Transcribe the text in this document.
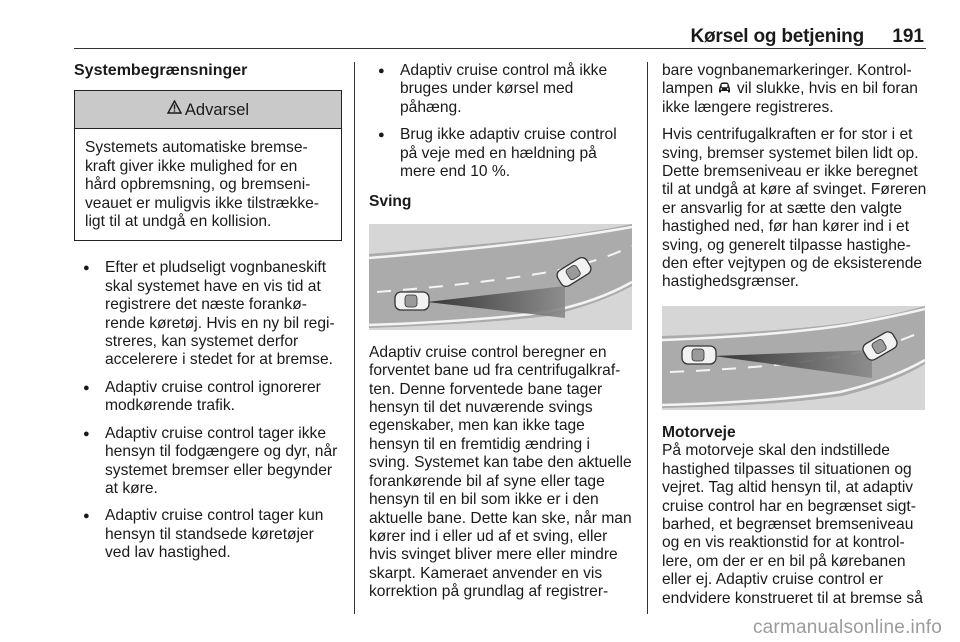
Kørsel og betjening 191
Systembegrænsninger
Advarsel
Systemets automatiske bremse-kraft giver ikke mulighed for en hård opbremsning, og bremseni-veauet er muligvis ikke tilstrække-ligt til at undgå en kollision.
● Efter et pludseligt vognbaneskift skal systemet have en vis tid at registrere det næste forankø-rende køretøj. Hvis en ny bil regi-streres, kan systemet derfor accelerere i stedet for at bremse.
● Adaptiv cruise control ignorerer modkørende trafik.
● Adaptiv cruise control tager ikke hensyn til fodgængere og dyr, når systemet bremser eller begynder at køre.
● Adaptiv cruise control tager kun hensyn til standsede køretøjer ved lav hastighed.
● Adaptiv cruise control må ikke bruges under kørsel med påhæng.
● Brug ikke adaptiv cruise control på veje med en hældning på mere end 10 %.
Sving

Adaptiv cruise control beregner en forventet bane ud fra centrifugalkraf-ten. Denne forventede bane tager hensyn til det nuværende svings egenskaber, men kan ikke tage hensyn til en fremtidig ændring i sving. Systemet kan tabe den aktuelle forankørende bil af syne eller tage hensyn til en bil som ikke er i den aktuelle bane. Dette kan ske, når man kører ind i eller ud af et sving, eller hvis svinget bliver mere eller mindre skarpt. Kameraet anvender en vis korrektion på grundlag af registrer-

bare vognbanemarkeringer. Kontrol-lampen  vil slukke, hvis en bil foran ikke længere registreres.

Hvis centrifugalkraften er for stor i et sving, bremser systemet bilen lidt op. Dette bremseniveau er ikke beregnet til at undgå at køre af svinget. Føreren er ansvarlig for at sætte den valgte hastighed ned, før han kører ind i et sving, og generelt tilpasse hastighe-den efter vejtypen og de eksisterende hastighedsgrænser.

Motorveje

På motorveje skal den indstillede hastighed tilpasses til situationen og vejret. Tag altid hensyn til, at adaptiv cruise control har en begrænset sigt-barhed, et begrænset bremseniveau og en vis reaktionstid for at kontrol-lere, om der er en bil på kørebanen eller ej. Adaptiv cruise control er endvidere konstrueret til at bremse så

carmanualsonline.info
